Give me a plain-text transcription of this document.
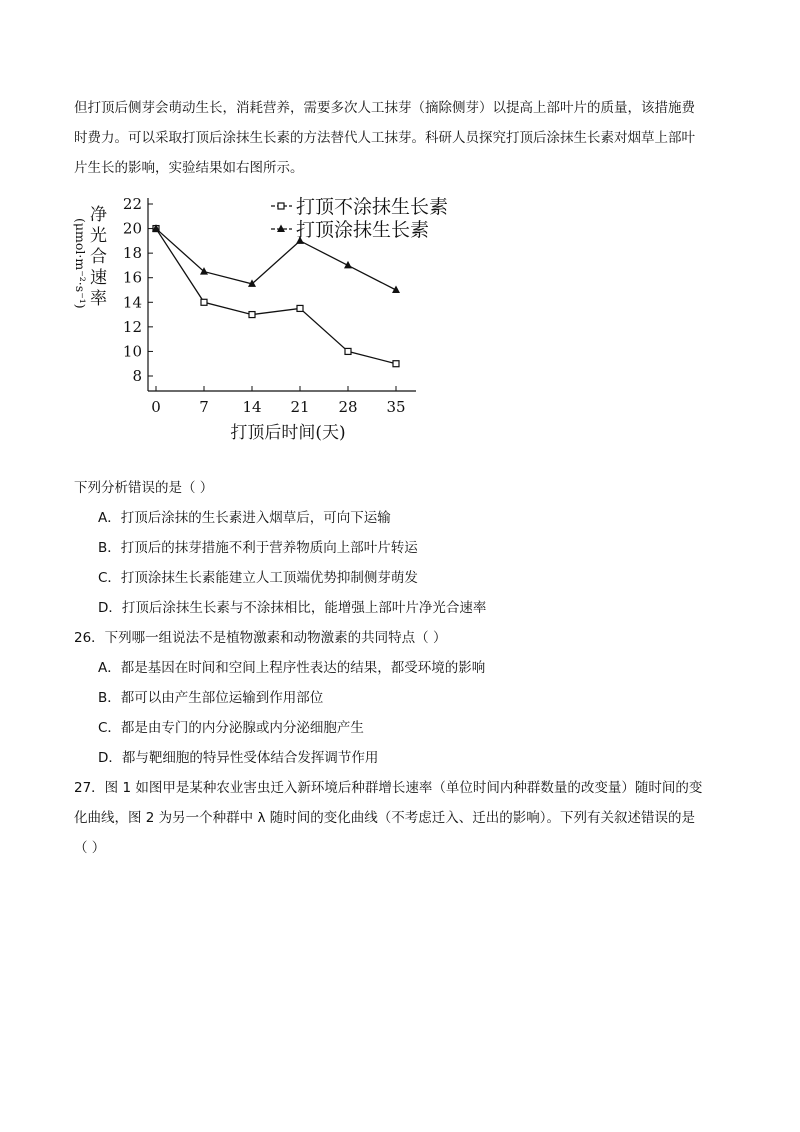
但打顶后侧芽会萌动生长，消耗营养，需要多次人工抹芽（摘除侧芽）以提高上部叶片的质量，该措施费
时费力。可以采取打顶后涂抹生长素的方法替代人工抹芽。科研人员探究打顶后涂抹生长素对烟草上部叶
片生长的影响，实验结果如右图所示。
净光合速率
(μmol·m⁻²·s⁻¹)
8
10
12
14
16
18
20
22
0	7 14 21 28 35
打顶不涂抹生长素
打顶涂抹生长素
打顶后时间(天)
下列分析错误的是（ ）
A．打顶后涂抹的生长素进入烟草后，可向下运输
B．打顶后的抹芽措施不利于营养物质向上部叶片转运
C．打顶涂抹生长素能建立人工顶端优势抑制侧芽萌发
D．打顶后涂抹生长素与不涂抹相比，能增强上部叶片净光合速率
26．下列哪一组说法不是植物激素和动物激素的共同特点（ ）
A．都是基因在时间和空间上程序性表达的结果，都受环境的影响
B．都可以由产生部位运输到作用部位
C．都是由专门的内分泌腺或内分泌细胞产生
D．都与靶细胞的特异性受体结合发挥调节作用
27．图 1 如图甲是某种农业害虫迁入新环境后种群增长速率（单位时间内种群数量的改变量）随时间的变
化曲线，图 2 为另一个种群中 λ 随时间的变化曲线（不考虑迁入、迁出的影响）。下列有关叙述错误的是
（ ）
